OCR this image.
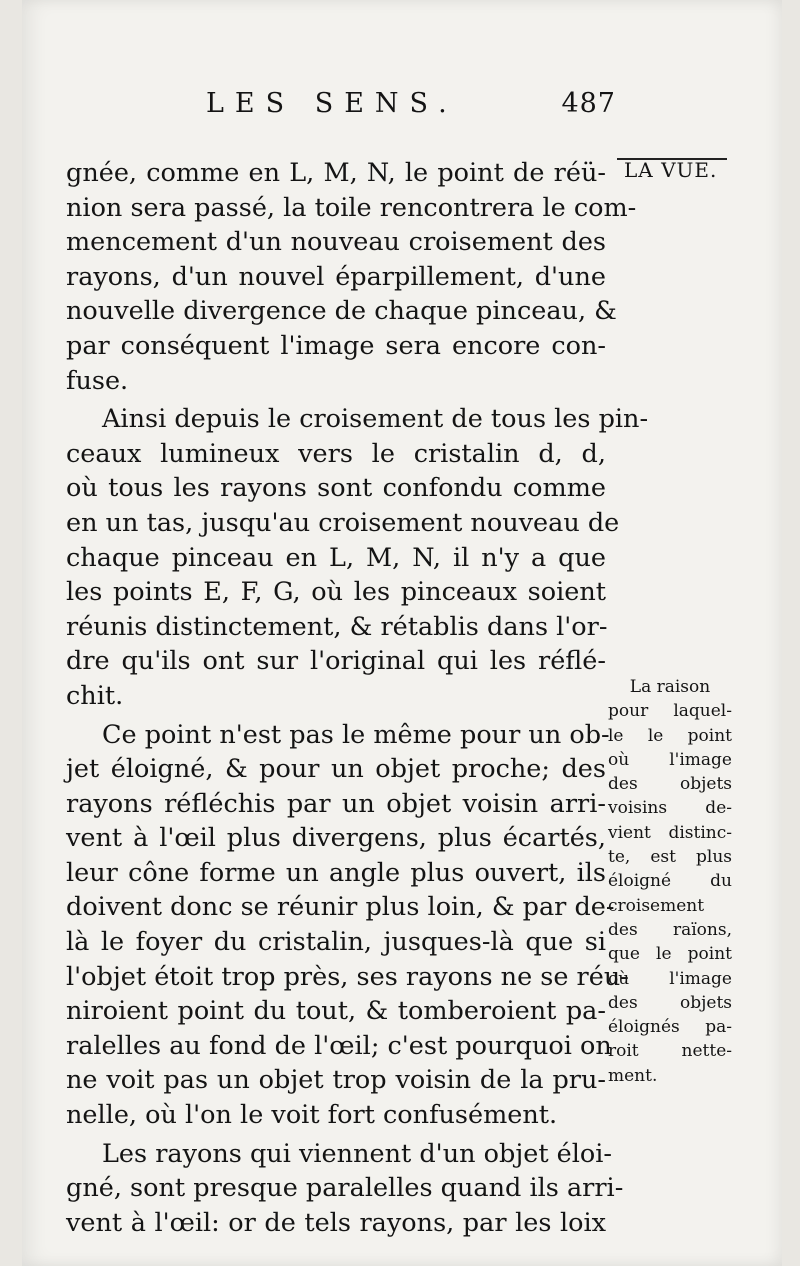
LES SENS.	487
LA VUE.
gnée, comme en L, M, N, le point de réü-
nion sera passé, la toile rencontrera le com-
mencement d'un nouveau croisement des
rayons, d'un nouvel éparpillement, d'une
nouvelle divergence de chaque pinceau, &
par conséquent l'image sera encore con-
fuse.
Ainsi depuis le croisement de tous les pin-
ceaux lumineux vers le cristalin d, d,
où tous les rayons sont confondu comme
en un tas, jusqu'au croisement nouveau de
chaque pinceau en L, M, N, il n'y a que
les points E, F, G, où les pinceaux soient
réunis distinctement, & rétablis dans l'or-
dre qu'ils ont sur l'original qui les réflé-
chit.
Ce point n'est pas le même pour un ob-
jet éloigné, & pour un objet proche; des
rayons réfléchis par un objet voisin arri-
vent à l'œil plus divergens, plus écartés,
leur cône forme un angle plus ouvert, ils
doivent donc se réunir plus loin, & par de-
là le foyer du cristalin, jusques-là que si
l'objet étoit trop près, ses rayons ne se réu-
niroient point du tout, & tomberoient pa-
ralelles au fond de l'œil; c'est pourquoi on
ne voit pas un objet trop voisin de la pru-
nelle, où l'on le voit fort confusément.
Les rayons qui viennent d'un objet éloi-
gné, sont presque paralelles quand ils arri-
vent à l'œil: or de tels rayons, par les loix
La raison
pour laquel-
le le point
où l'image
des objets
voisins de-
vient distinc-
te, est plus
éloigné du
croisement
des raïons,
que le point
où l'image
des objets
éloignés pa-
roit nette-
ment.
